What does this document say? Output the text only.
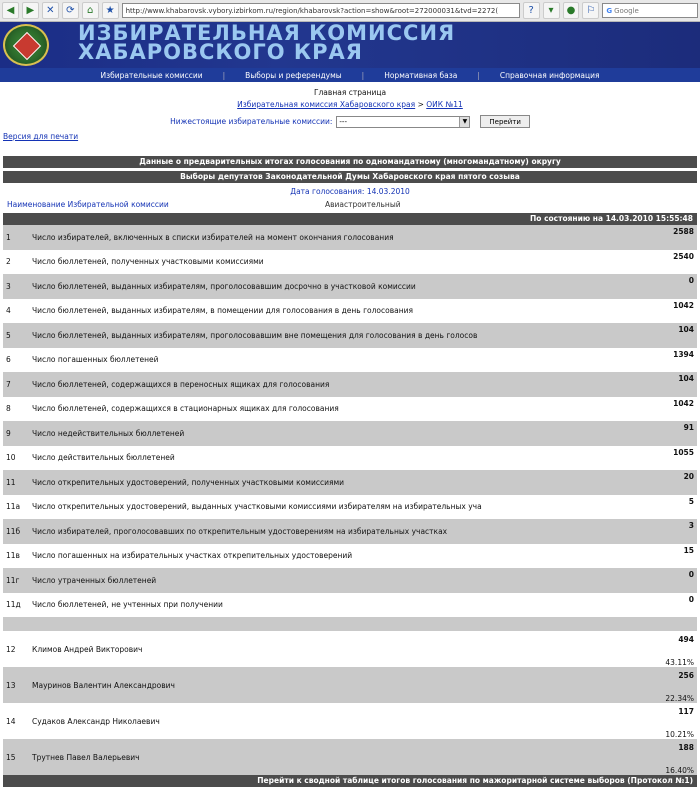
◀	▶	✕	⟳	⌂	★	http://www.khabarovsk.vybory.izbirkom.ru/region/khabarovsk?action=show&root=272000031&tvd=2272(	?	▾	●	⚐	G Google
ИЗБИРАТЕЛЬНАЯ КОМИССИЯ
ХАБАРОВСКОГО КРАЯ
Избирательные комиссии	|	Выборы и референдумы	|	Нормативная база	|	Справочная информация
Главная страница
Избирательная комиссия Хабаровского края > ОИК №11
Нижестоящие избирательные комиссии: ---	▼	Перейти
Версия для печати
Данные о предварительных итогах голосования по одномандатному (многомандатному) округу
Выборы депутатов Законодательной Думы Хабаровского края пятого созыва
Дата голосования: 14.03.2010
Наименование Избирательной комиссии	Авиастроительный
По состоянию на 14.03.2010 15:55:48
1	Число избирателей, включенных в списки избирателей на момент окончания голосования	2588
2	Число бюллетеней, полученных участковыми комиссиями	2540
3	Число бюллетеней, выданных избирателям, проголосовавшим досрочно в участковой комиссии	0
4	Число бюллетеней, выданных избирателям, в помещении для голосования в день голосования	1042
5	Число бюллетеней, выданных избирателям, проголосовавшим вне помещения для голосования в день голосов	104
6	Число погашенных бюллетеней	1394
7	Число бюллетеней, содержащихся в переносных ящиках для голосования	104
8	Число бюллетеней, содержащихся в стационарных ящиках для голосования	1042
9	Число недействительных бюллетеней	91
10	Число действительных бюллетеней	1055
11	Число открепительных удостоверений, полученных участковыми комиссиями	20
11а	Число открепительных удостоверений, выданных участковыми комиссиями избирателям на избирательных уча	5
11б	Число избирателей, проголосовавших по открепительным удостоверениям на избирательных участках	3
11в	Число погашенных на избирательных участках открепительных удостоверений	15
11г	Число утраченных бюллетеней	0
11д	Число бюллетеней, не учтенных при получении	0

12	Климов Андрей Викторович	494
43.11%

13	Мауринов Валентин Александрович	256
22.34%

14	Судаков Александр Николаевич	117
10.21%

15	Трутнев Павел Валерьевич	188
16.40%
Перейти к сводной таблице итогов голосования по мажоритарной системе выборов (Протокол №1)
